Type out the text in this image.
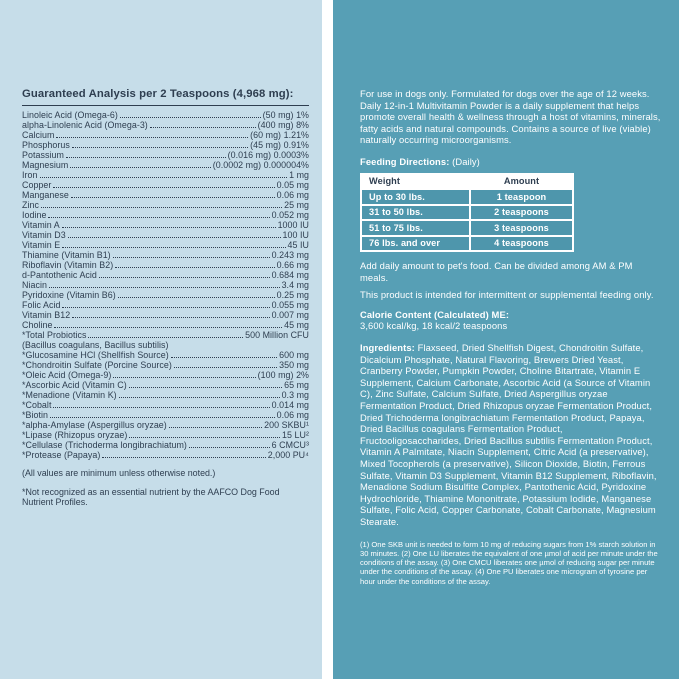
Guaranteed Analysis per 2 Teaspoons (4,968 mg):
Linoleic Acid (Omega-6)	(50 mg) 1%
alpha-Linolenic Acid (Omega-3)	(400 mg) 8%
Calcium	(60 mg) 1.21%
Phosphorus	(45 mg) 0.91%
Potassium	(0.016 mg) 0.0003%
Magnesium	(0.0002 mg) 0.000004%
Iron	1 mg
Copper	0.05 mg
Manganese	0.06 mg
Zinc	25 mg
Iodine	0.052 mg
Vitamin A	1000 IU
Vitamin D3	100 IU
Vitamin E	45 IU
Thiamine (Vitamin B1)	0.243 mg
Riboflavin (Vitamin B2)	0.66 mg
d-Pantothenic Acid	0.684 mg
Niacin	3.4 mg
Pyridoxine (Vitamin B6)	0.25 mg
Folic Acid	0.055 mg
Vitamin B12	0.007 mg
Choline	45 mg
*Total Probiotics	500 Million CFU
(Bacillus coagulans, Bacillus subtilis)
*Glucosamine HCl (Shellfish Source)	600 mg
*Chondroitin Sulfate (Porcine Source)	350 mg
*Oleic Acid (Omega-9)	(100 mg) 2%
*Ascorbic Acid (Vitamin C)	65 mg
*Menadione (Vitamin K)	0.3 mg
*Cobalt	0.014 mg
*Biotin	0.06 mg
*alpha-Amylase (Aspergillus oryzae)	200 SKBU¹
*Lipase (Rhizopus oryzae)	15 LU²
*Cellulase (Trichoderma longibrachiatum)	6 CMCU³
*Protease (Papaya)	2,000 PU⁴

(All values are minimum unless otherwise noted.)

*Not recognized as an essential nutrient by the AAFCO Dog Food Nutrient Profiles.

For use in dogs only. Formulated for dogs over the age of 12 weeks. Daily 12-in-1 Multivitamin Powder is a daily supplement that helps promote overall health & wellness through a host of vitamins, minerals, fatty acids and natural compounds. Contains a source of live (viable) naturally occurring microorganisms.

Feeding Directions: (Daily)

Weight	Amount
Up to 30 lbs.	1 teaspoon
31 to 50 lbs.	2 teaspoons
51 to 75 lbs.	3 teaspoons
76 lbs. and over	4 teaspoons

Add daily amount to pet's food. Can be divided among AM & PM meals.

This product is intended for intermittent or supplemental feeding only.

Calorie Content (Calculated) ME:

3,600 kcal/kg, 18 kcal/2 teaspoons

Ingredients: Flaxseed, Dried Shellfish Digest, Chondroitin Sulfate, Dicalcium Phosphate, Natural Flavoring, Brewers Dried Yeast, Cranberry Powder, Pumpkin Powder, Choline Bitartrate, Vitamin E Supplement, Calcium Carbonate, Ascorbic Acid (a Source of Vitamin C), Zinc Sulfate, Calcium Sulfate, Dried Aspergillus oryzae Fermentation Product, Dried Rhizopus oryzae Fermentation Product, Dried Trichoderma longibrachiatum Fermentation Product, Papaya, Dried Bacillus coagulans Fermentation Product, Fructooligosaccharides, Dried Bacillus subtilis Fermentation Product, Vitamin A Palmitate, Niacin Supplement, Citric Acid (a preservative), Mixed Tocopherols (a preservative), Silicon Dioxide, Biotin, Ferrous Sulfate, Vitamin D3 Supplement, Vitamin B12 Supplement, Riboflavin, Menadione Sodium Bisulfite Complex, Pantothenic Acid, Pyridoxine Hydrochloride, Thiamine Mononitrate, Potassium Iodide, Manganese Sulfate, Folic Acid, Copper Carbonate, Cobalt Carbonate, Magnesium Stearate.

(1) One SKB unit is needed to form 10 mg of reducing sugars from 1% starch solution in 30 minutes. (2) One LU liberates the equivalent of one µmol of acid per minute under the conditions of the assay. (3) One CMCU liberates one µmol of reducing sugar per minute under the conditions of the assay. (4) One PU liberates one microgram of tyrosine per hour under the conditions of the assay.
